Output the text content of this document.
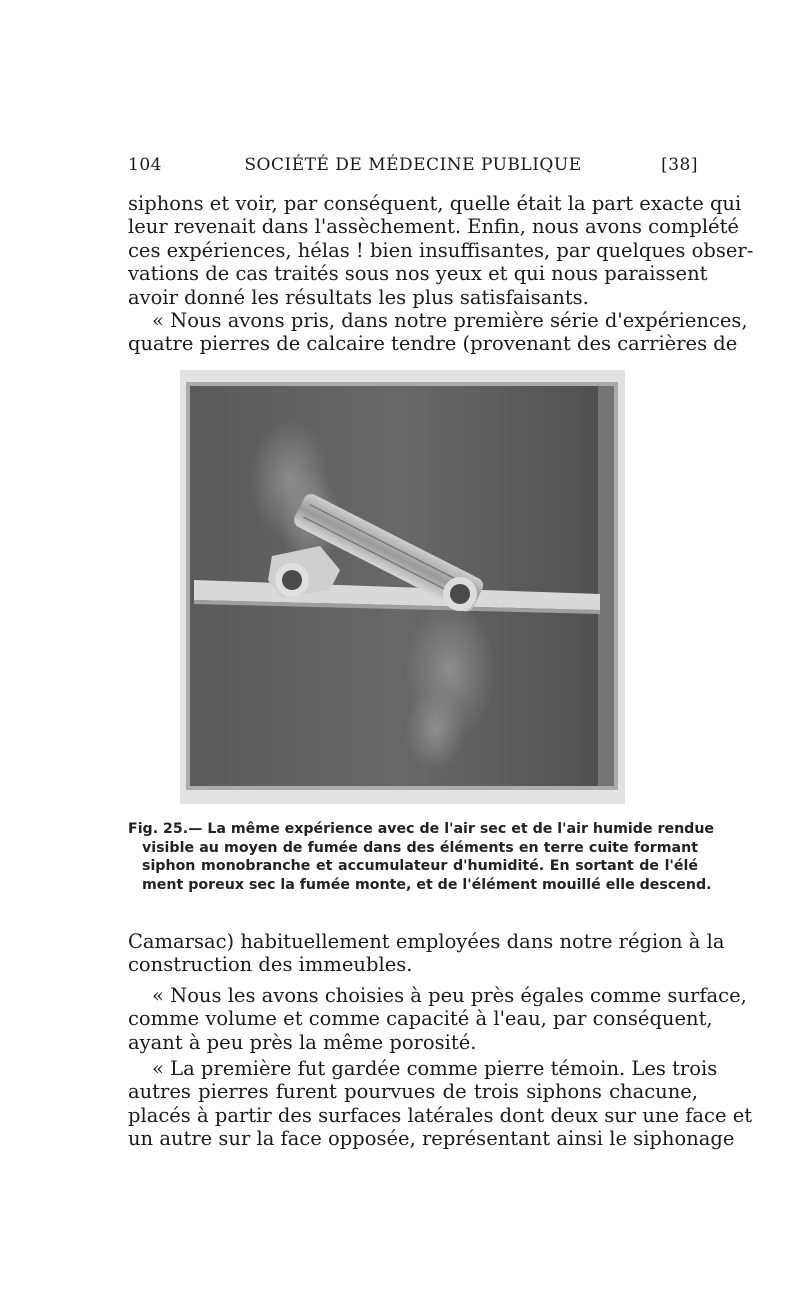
104	SOCIÉTÉ DE MÉDECINE PUBLIQUE	[38]
siphons et voir, par conséquent, quelle était la part exacte qui
leur revenait dans l'assèchement. Enfin, nous avons complété
ces expériences, hélas ! bien insuffisantes, par quelques obser-
vations de cas traités sous nos yeux et qui nous paraissent
avoir donné les résultats les plus satisfaisants.
« Nous avons pris, dans notre première série d'expériences,
quatre pierres de calcaire tendre (provenant des carrières de
Fig. 25.— La même expérience avec de l'air sec et de l'air humide rendue
visible au moyen de fumée dans des éléments en terre cuite formant
siphon monobranche et accumulateur d'humidité. En sortant de l'élé
ment poreux sec la fumée monte, et de l'élément mouillé elle descend.
Camarsac) habituellement employées dans notre région à la
construction des immeubles.
« Nous les avons choisies à peu près égales comme surface,
comme volume et comme capacité à l'eau, par conséquent,
ayant à peu près la même porosité.
« La première fut gardée comme pierre témoin. Les trois
autres pierres furent pourvues de trois siphons chacune,
placés à partir des surfaces latérales dont deux sur une face et
un autre sur la face opposée, représentant ainsi le siphonage
